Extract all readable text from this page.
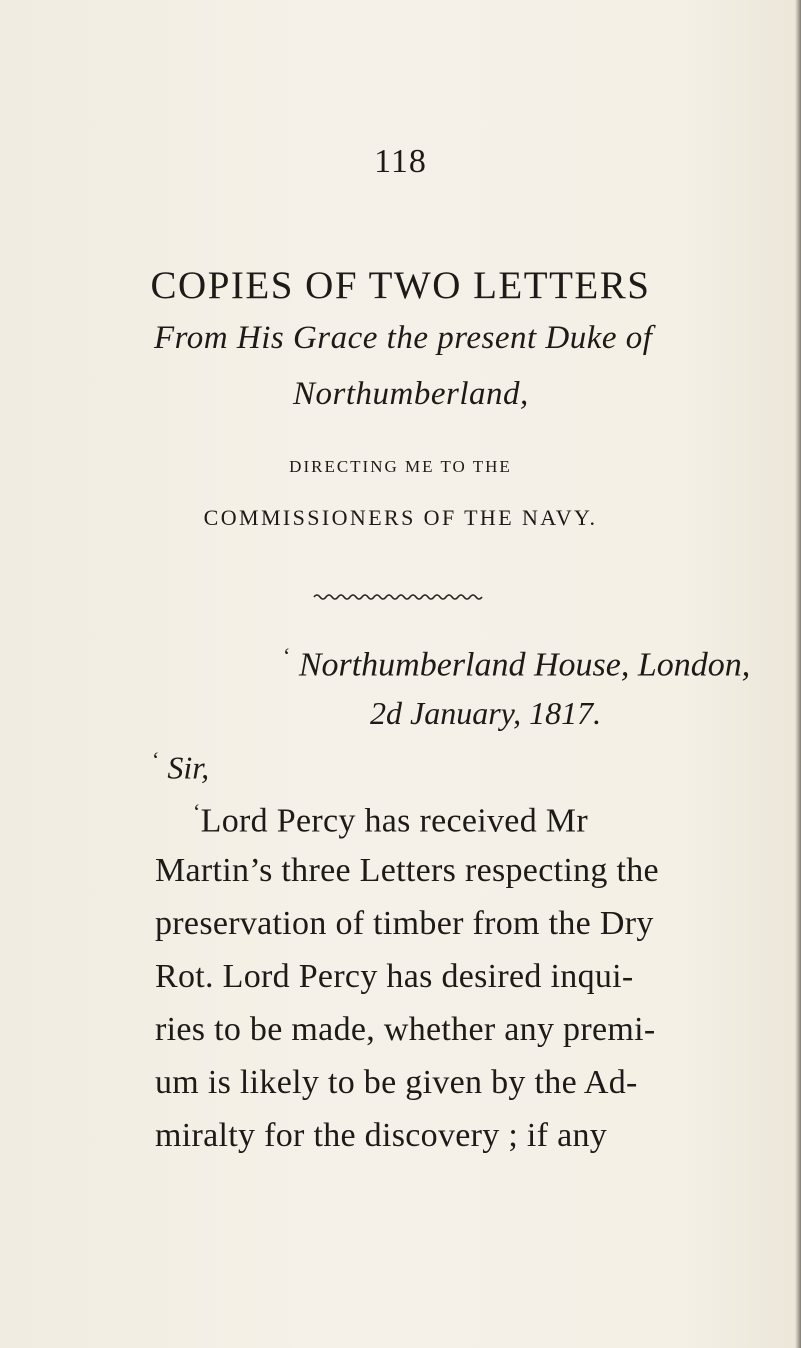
118
COPIES OF TWO LETTERS
From His Grace the present Duke of
Northumberland,
DIRECTING ME TO THE
COMMISSIONERS OF THE NAVY.
‘ Northumberland House, London,
2d January, 1817.
‘ Sir,
‘Lord Percy has received Mr
Martin’s three Letters respecting the
preservation of timber from the Dry
Rot. Lord Percy has desired inqui-
ries to be made, whether any premi-
um is likely to be given by the Ad-
miralty for the discovery ; if any
